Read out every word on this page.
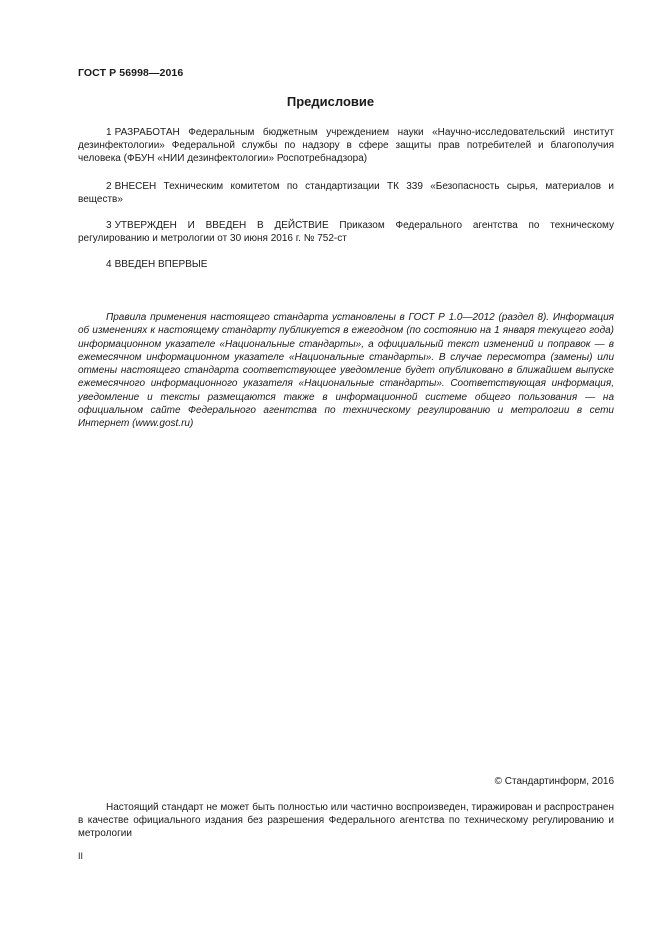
ГОСТ Р 56998—2016
Предисловие

1 РАЗРАБОТАН Федеральным бюджетным учреждением науки «Научно-исследовательский институт дезинфектологии» Федеральной службы по надзору в сфере защиты прав потребителей и благополучия человека (ФБУН «НИИ дезинфектологии» Роспотребнадзора)

2 ВНЕСЕН Техническим комитетом по стандартизации ТК 339 «Безопасность сырья, материалов и веществ»

3 УТВЕРЖДЕН И ВВЕДЕН В ДЕЙСТВИЕ Приказом Федерального агентства по техническому регулированию и метрологии от 30 июня 2016 г. № 752-ст

4 ВВЕДЕН ВПЕРВЫЕ

Правила применения настоящего стандарта установлены в ГОСТ Р 1.0—2012 (раздел 8). Информация об изменениях к настоящему стандарту публикуется в ежегодном (по состоянию на 1 января текущего года) информационном указателе «Национальные стандарты», а официальный текст изменений и поправок — в ежемесячном информационном указателе «Национальные стандарты». В случае пересмотра (замены) или отмены настоящего стандарта соответствующее уведомление будет опубликовано в ближайшем выпуске ежемесячного информационного указателя «Национальные стандарты». Соответствующая информация, уведомление и тексты размещаются также в информационной системе общего пользования — на официальном сайте Федерального агентства по техническому регулированию и метрологии в сети Интернет (www.gost.ru)

© Стандартинформ, 2016

Настоящий стандарт не может быть полностью или частично воспроизведен, тиражирован и распространен в качестве официального издания без разрешения Федерального агентства по техническому регулированию и метрологии

II
